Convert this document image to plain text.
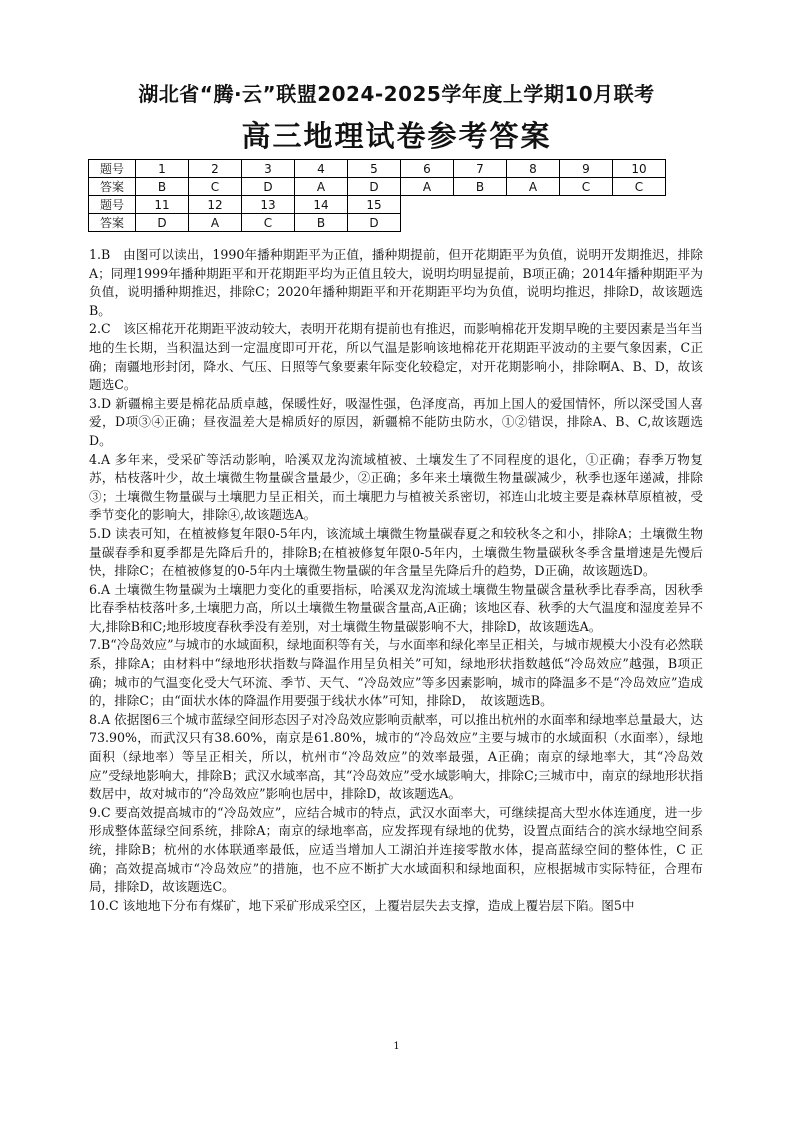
湖北省“腾·云”联盟2024-2025学年度上学期10月联考
高三地理试卷参考答案
题号	1	2	3	4	5	6	7	8	9	10
答案	B	C	D	A	D	A	B	A	C	C
题号	11	12	13	14	15					
答案	D	A	C	B	D					

1.B　由图可以读出，1990年播种期距平为正值，播种期提前，但开花期距平为负值，说明开发期推迟，排除A；同理1999年播种期距平和开花期距平均为正值且较大，说明均明显提前，B项正确；2014年播种期距平为负值，说明播种期推迟，排除C；2020年播种期距平和开花期距平均为负值，说明均推迟，排除D，故该题选B。

2.C　该区棉花开花期距平波动较大，表明开花期有提前也有推迟，而影响棉花开发期早晚的主要因素是当年当地的生长期，当积温达到一定温度即可开花，所以气温是影响该地棉花开花期距平波动的主要气象因素，C正确；南疆地形封闭，降水、气压、日照等气象要素年际变化较稳定，对开花期影响小，排除啊A、B、D，故该题选C。

3.D 新疆棉主要是棉花品质卓越，保暖性好，吸湿性强，色泽度高，再加上国人的爱国情怀，所以深受国人喜爱，D项③④正确；昼夜温差大是棉质好的原因，新疆棉不能防虫防水，①②错误，排除A、B、C,故该题选D。

4.A 多年来，受采矿等活动影响，哈溪双龙沟流域植被、土壤发生了不同程度的退化，①正确；春季万物复苏，枯枝落叶少，故土壤微生物量碳含量最少，②正确；多年来土壤微生物量碳减少，秋季也逐年递减，排除③；土壤微生物量碳与土壤肥力呈正相关，而土壤肥力与植被关系密切，祁连山北坡主要是森林草原植被，受季节变化的影响大，排除④,故该题选A。

5.D 读表可知，在植被修复年限0-5年内，该流域土壤微生物量碳春夏之和较秋冬之和小，排除A；土壤微生物量碳春季和夏季都是先降后升的，排除B;在植被修复年限0-5年内，土壤微生物量碳秋冬季含量增速是先慢后快，排除C；在植被修复的0-5年内土壤微生物量碳的年含量呈先降后升的趋势，D正确，故该题选D。

6.A 土壤微生物量碳为土壤肥力变化的重要指标，哈溪双龙沟流域土壤微生物量碳含量秋季比春季高，因秋季比春季枯枝落叶多,土壤肥力高，所以土壤微生物量碳含量高,A正确；该地区春、秋季的大气温度和湿度差异不大,排除B和C;地形坡度春秋季没有差别，对土壤微生物量碳影响不大，排除D，故该题选A。

7.B“冷岛效应”与城市的水域面积，绿地面积等有关，与水面率和绿化率呈正相关，与城市规模大小没有必然联系，排除A；由材料中“绿地形状指数与降温作用呈负相关”可知，绿地形状指数越低“冷岛效应”越强，B项正确；城市的气温变化受大气环流、季节、天气、“冷岛效应”等多因素影响，城市的降温多不是“冷岛效应”造成的，排除C；由“面状水体的降温作用要强于线状水体”可知，排除D，　故该题选B。

8.A 依据图6三个城市蓝绿空间形态因子对冷岛效应影响贡献率，可以推出杭州的水面率和绿地率总量最大，达73.90%，而武汉只有38.60%，南京是61.80%，城市的“冷岛效应”主要与城市的水域面积（水面率），绿地面积（绿地率）等呈正相关，所以，杭州市“冷岛效应”的效率最强，A正确；南京的绿地率大，其“冷岛效应”受绿地影响大，排除B；武汉水域率高，其“冷岛效应”受水域影响大，排除C;三城市中，南京的绿地形状指数居中，故对城市的“冷岛效应”影响也居中，排除D，故该题选A。

9.C 要高效提高城市的“冷岛效应”，应结合城市的特点，武汉水面率大，可继续提高大型水体连通度，进一步形成整体蓝绿空间系统，排除A；南京的绿地率高，应发挥现有绿地的优势，设置点面结合的滨水绿地空间系统，排除B；杭州的水体联通率最低，应适当增加人工湖泊并连接零散水体，提高蓝绿空间的整体性，C 正确；高效提高城市“冷岛效应”的措施，也不应不断扩大水域面积和绿地面积，应根据城市实际特征，合理布局，排除D，故该题选C。

10.C 该地地下分布有煤矿，地下采矿形成采空区，上覆岩层失去支撑，造成上覆岩层下陷。图5中

1
